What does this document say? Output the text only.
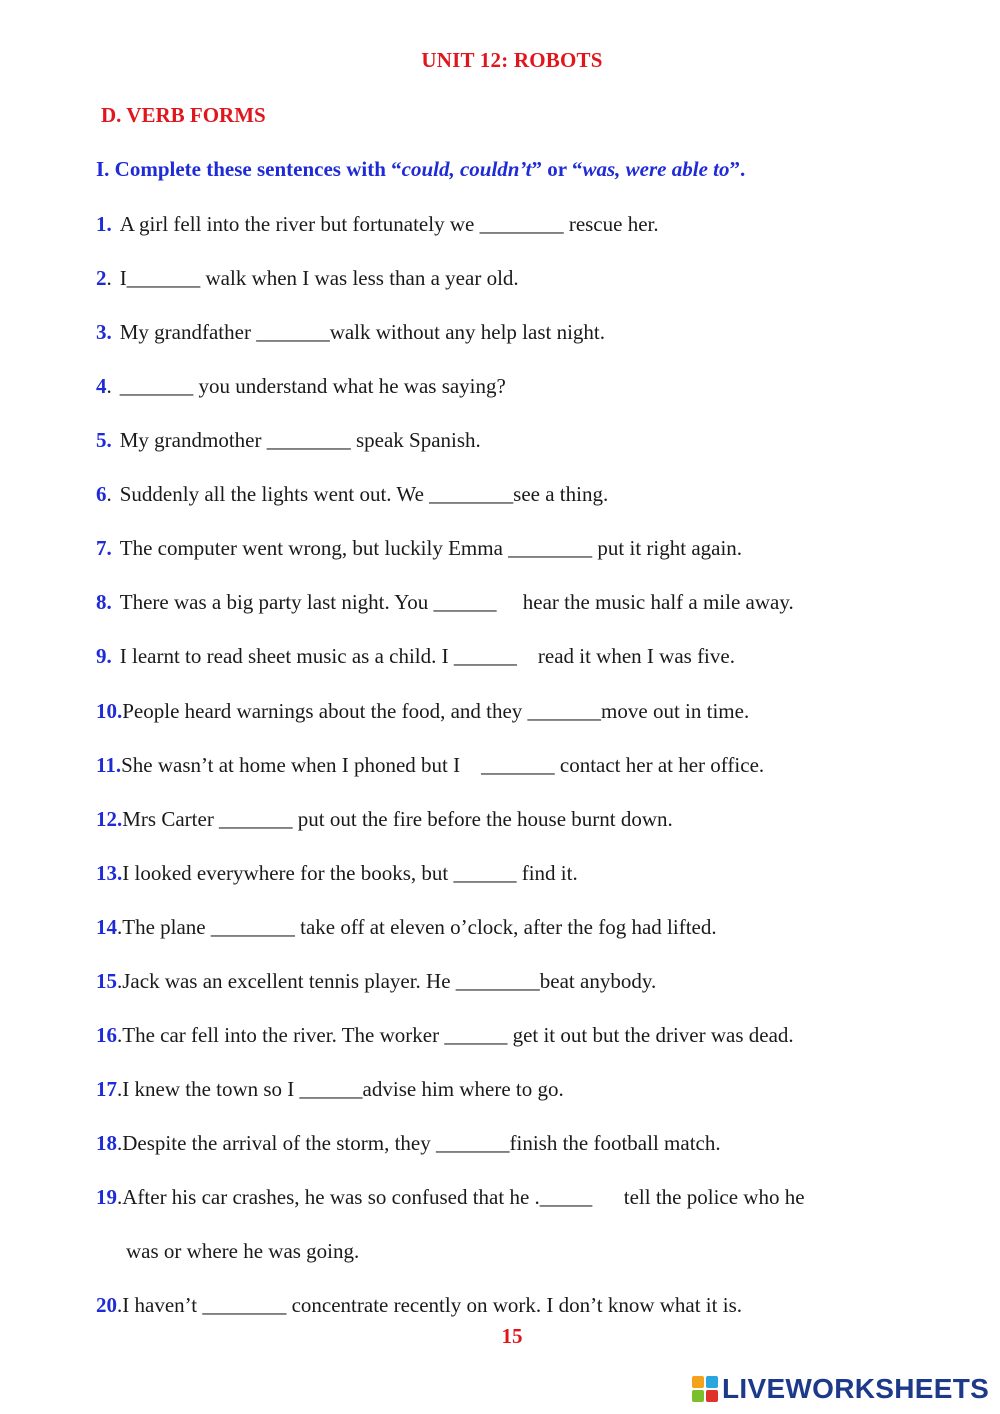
UNIT 12: ROBOTS
D. VERB FORMS
I. Complete these sentences with “could, couldn’t” or “was, were able to”.
1. A girl fell into the river but fortunately we ________ rescue her.
2. I_______ walk when I was less than a year old.
3. My grandfather _______walk without any help last night.
4. _______ you understand what he was saying?
5. My grandmother ________ speak Spanish.
6. Suddenly all the lights went out. We ________see a thing.
7. The computer went wrong, but luckily Emma ________ put it right again.
8. There was a big party last night. You ______     hear the music half a mile away.
9. I learnt to read sheet music as a child. I ______    read it when I was five.
10.People heard warnings about the food, and they _______move out in time.
11.She wasn’t at home when I phoned but I    _______ contact her at her office.
12.Mrs Carter _______ put out the fire before the house burnt down.
13.I looked everywhere for the books, but ______ find it.
14.The plane ________ take off at eleven o’clock, after the fog had lifted.
15.Jack was an excellent tennis player. He ________beat anybody.
16.The car fell into the river. The worker ______ get it out but the driver was dead.
17.I knew the town so I ______advise him where to go.
18.Despite the arrival of the storm, they _______finish the football match.
19.After his car crashes, he was so confused that he ._____      tell the police who he
was or where he was going.
20.I haven’t ________ concentrate recently on work. I don’t know what it is.
15
LIVEWORKSHEETS
